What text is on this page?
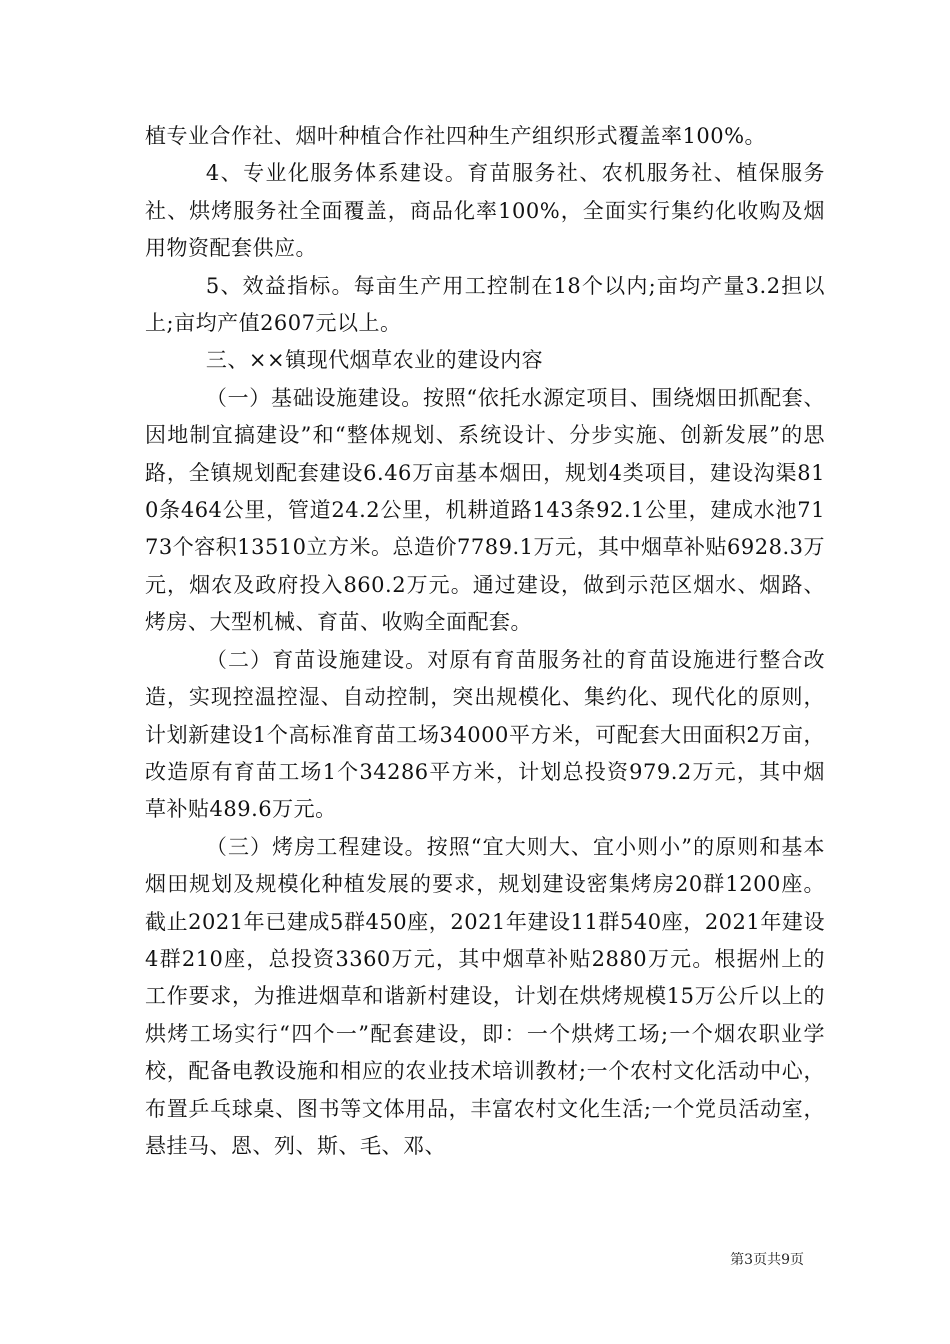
植专业合作社、烟叶种植合作社四种生产组织形式覆盖率100%。

4、专业化服务体系建设。育苗服务社、农机服务社、植保服务社、烘烤服务社全面覆盖，商品化率100%，全面实行集约化收购及烟用物资配套供应。

5、效益指标。每亩生产用工控制在18个以内;亩均产量3.2担以上;亩均产值2607元以上。

三、××镇现代烟草农业的建设内容

（一）基础设施建设。按照“依托水源定项目、围绕烟田抓配套、因地制宜搞建设”和“整体规划、系统设计、分步实施、创新发展”的思路，全镇规划配套建设6.46万亩基本烟田，规划4类项目，建设沟渠810条464公里，管道24.2公里，机耕道路143条92.1公里，建成水池7173个容积13510立方米。总造价7789.1万元，其中烟草补贴6928.3万元，烟农及政府投入860.2万元。通过建设，做到示范区烟水、烟路、烤房、大型机械、育苗、收购全面配套。

（二）育苗设施建设。对原有育苗服务社的育苗设施进行整合改造，实现控温控湿、自动控制，突出规模化、集约化、现代化的原则，计划新建设1个高标准育苗工场34000平方米，可配套大田面积2万亩，改造原有育苗工场1个34286平方米，计划总投资979.2万元，其中烟草补贴489.6万元。

（三）烤房工程建设。按照“宜大则大、宜小则小”的原则和基本烟田规划及规模化种植发展的要求，规划建设密集烤房20群1200座。截止2021年已建成5群450座，2021年建设11群540座，2021年建设4群210座，总投资3360万元，其中烟草补贴2880万元。根据州上的工作要求，为推进烟草和谐新村建设，计划在烘烤规模15万公斤以上的烘烤工场实行“四个一”配套建设，即：一个烘烤工场;一个烟农职业学校，配备电教设施和相应的农业技术培训教材;一个农村文化活动中心，布置乒乓球桌、图书等文体用品，丰富农村文化生活;一个党员活动室，悬挂马、恩、列、斯、毛、邓、

第3页共9页
